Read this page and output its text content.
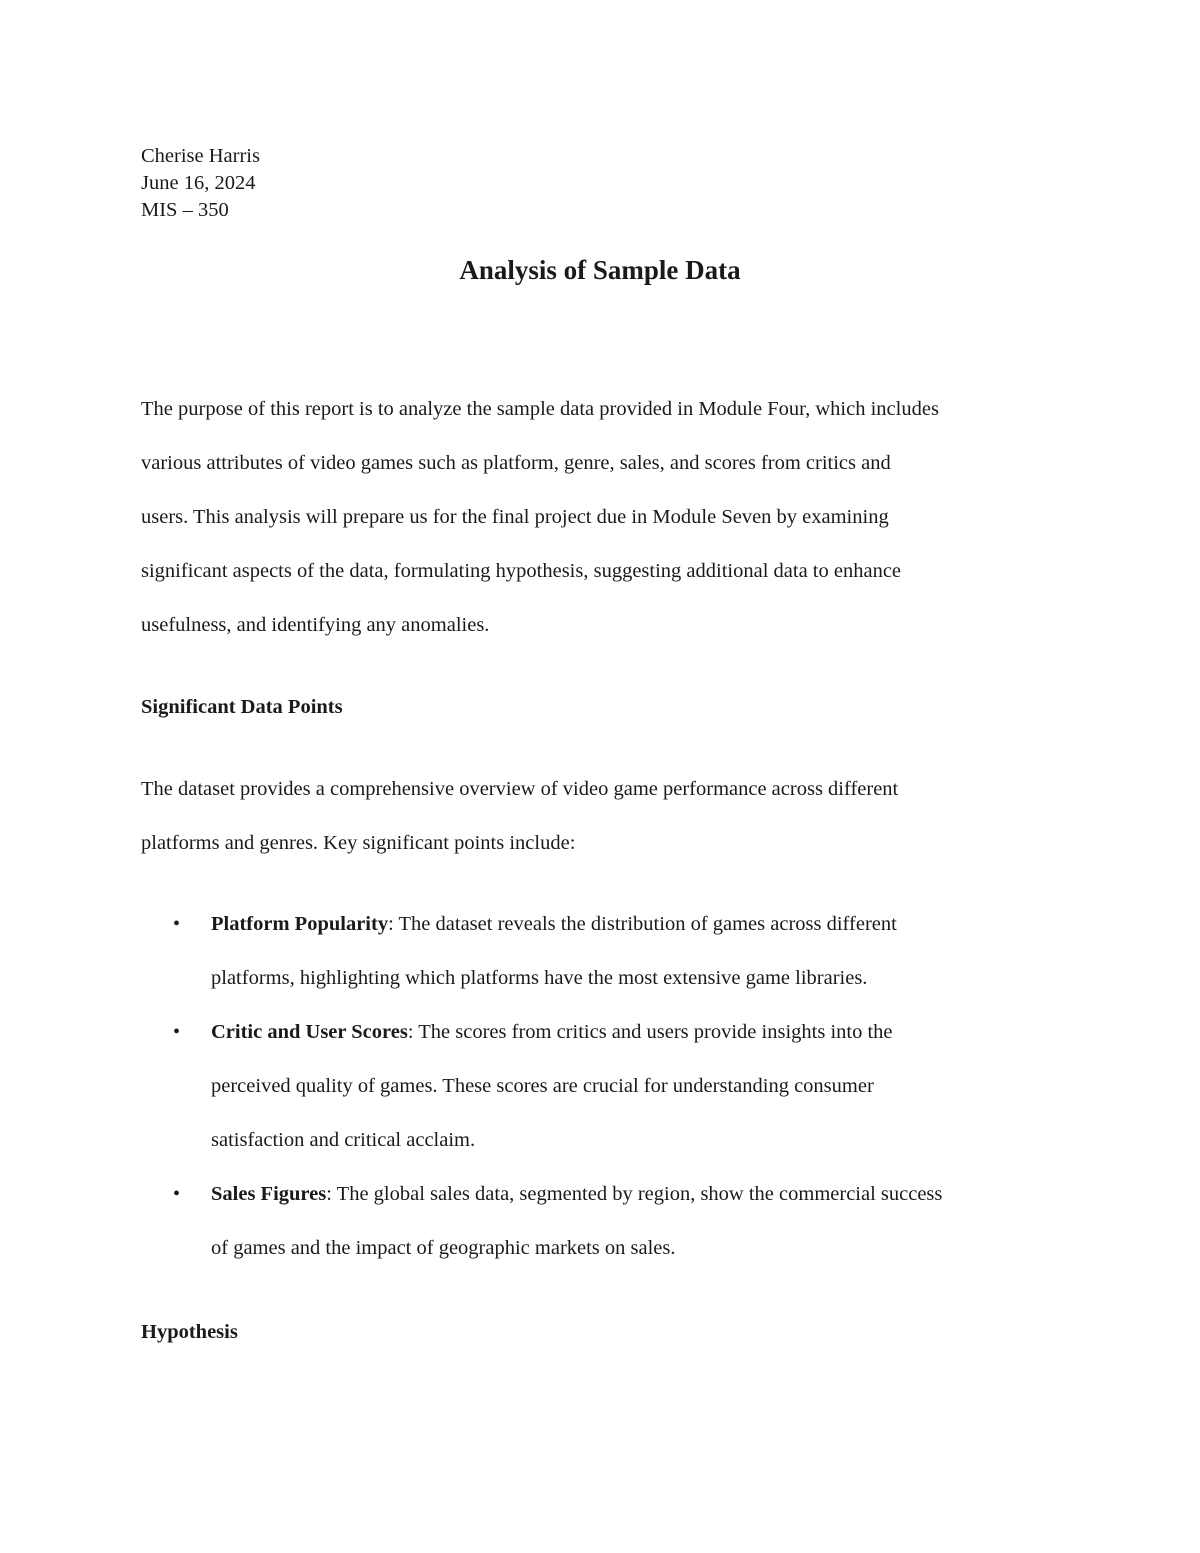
Cherise Harris
June 16, 2024
MIS – 350
Analysis of Sample Data
The purpose of this report is to analyze the sample data provided in Module Four, which includes
various attributes of video games such as platform, genre, sales, and scores from critics and
users. This analysis will prepare us for the final project due in Module Seven by examining
significant aspects of the data, formulating hypothesis, suggesting additional data to enhance
usefulness, and identifying any anomalies.
Significant Data Points
The dataset provides a comprehensive overview of video game performance across different
platforms and genres. Key significant points include:
• Platform Popularity: The dataset reveals the distribution of games across different
platforms, highlighting which platforms have the most extensive game libraries.
• Critic and User Scores: The scores from critics and users provide insights into the
perceived quality of games. These scores are crucial for understanding consumer
satisfaction and critical acclaim.
• Sales Figures: The global sales data, segmented by region, show the commercial success
of games and the impact of geographic markets on sales.
Hypothesis
